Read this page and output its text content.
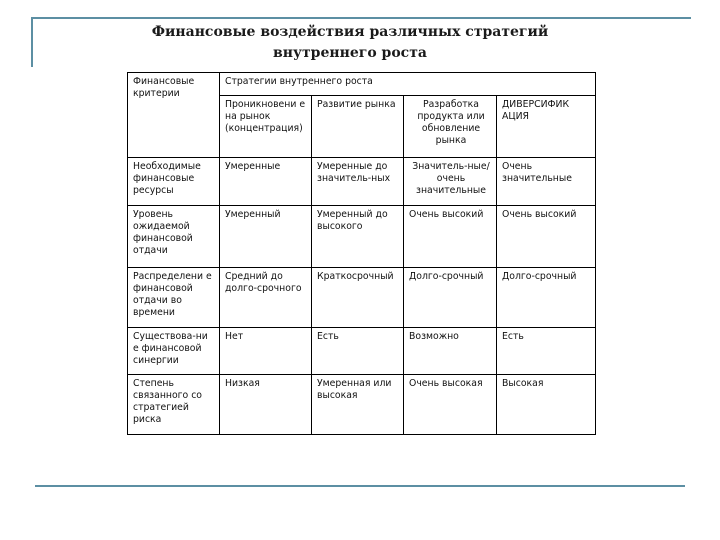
Финансовые воздействия различных стратегий
внутреннего роста
Финансовые критерии	Стратегии внутреннего роста			
	Проникновени е на рынок (концентрация)	Развитие рынка	Разработка продукта или обновление рынка	ДИВЕРСИФИК АЦИЯ
Необходимые финансовые ресурсы	Умеренные	Умеренные до значитель-ных	Значитель-ные/ очень значительные	Очень значительные
Уровень ожидаемой финансовой отдачи	Умеренный	Умеренный до высокого	Очень высокий	Очень высокий
Распределени е финансовой отдачи во времени	Средний до долго-срочного	Краткосрочный	Долго-срочный	Долго-срочный
Существова-ни е финансовой синергии	Нет	Есть	Возможно	Есть
Степень связанного со стратегией риска	Низкая	Умеренная или высокая	Очень высокая	Высокая
